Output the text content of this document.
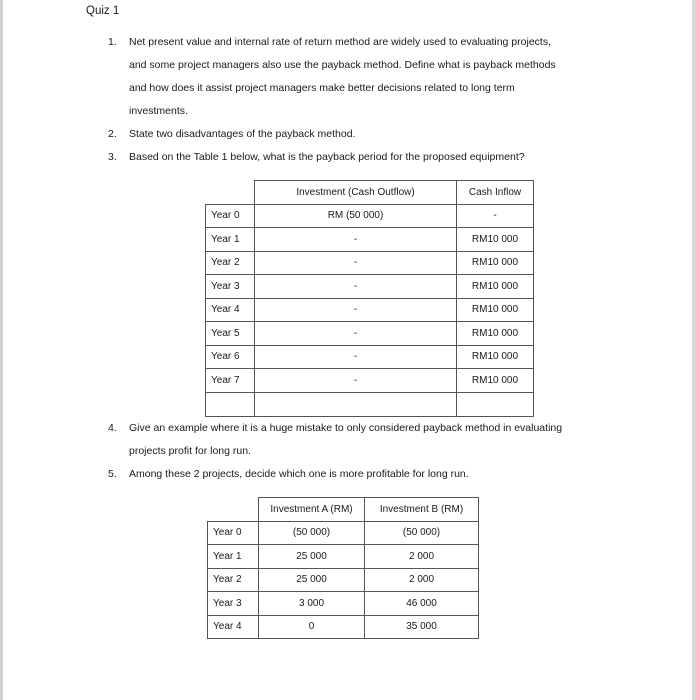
Quiz 1
1.	Net present value and internal rate of return method are widely used to evaluating projects,
and some project managers also use the payback method. Define what is payback methods
and how does it assist project managers make better decisions related to long term
investments.
2.	State two disadvantages of the payback method.
3.	Based on the Table 1 below, what is the payback period for the proposed equipment?
	Investment (Cash Outflow)	Cash Inflow
Year 0	RM (50 000)	-
Year 1	-	RM10 000
Year 2	-	RM10 000
Year 3	-	RM10 000
Year 4	-	RM10 000
Year 5	-	RM10 000
Year 6	-	RM10 000
Year 7	-	RM10 000

4.	Give an example where it is a huge mistake to only considered payback method in evaluating
projects profit for long run.
5.	Among these 2 projects, decide which one is more profitable for long run.
	Investment A (RM)	Investment B (RM)
Year 0	(50 000)	(50 000)
Year 1	25 000	2 000
Year 2	25 000	2 000
Year 3	3 000	46 000
Year 4	0	35 000
